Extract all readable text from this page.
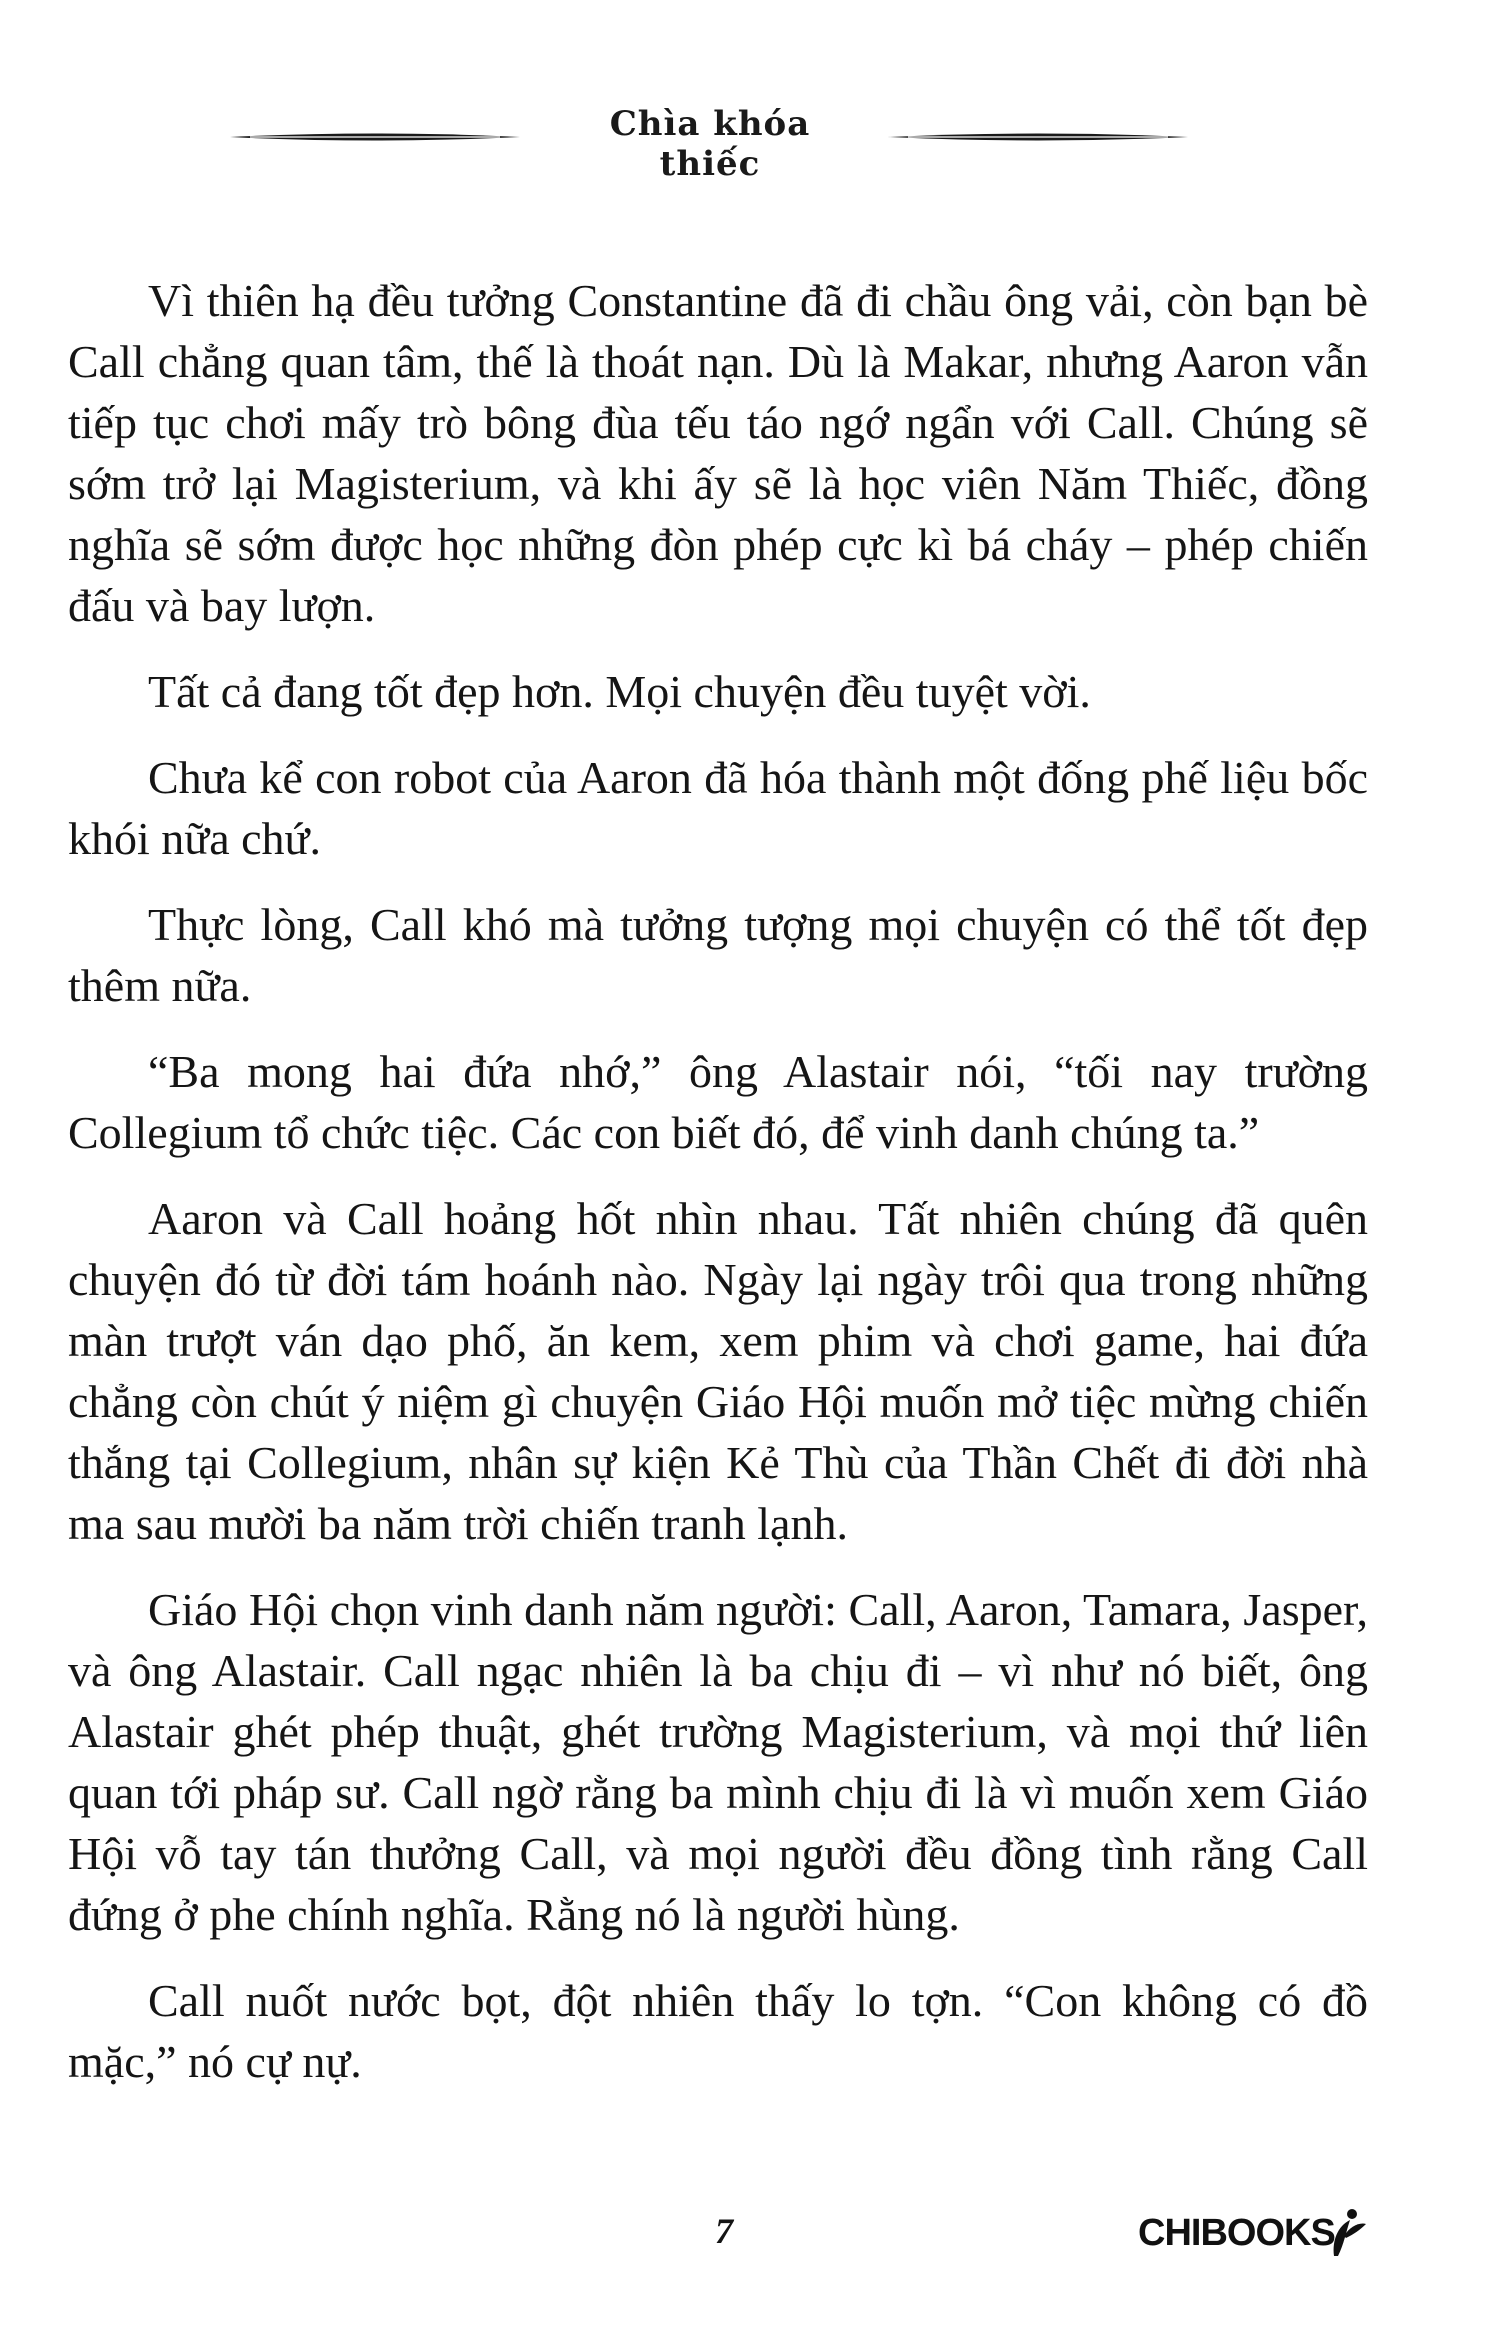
Chìa khóa thiếc

Vì thiên hạ đều tưởng Constantine đã đi chầu ông vải, còn bạn bè Call chẳng quan tâm, thế là thoát nạn. Dù là Makar, nhưng Aaron vẫn tiếp tục chơi mấy trò bông đùa tếu táo ngớ ngẩn với Call. Chúng sẽ sớm trở lại Magisterium, và khi ấy sẽ là học viên Năm Thiếc, đồng nghĩa sẽ sớm được học những đòn phép cực kì bá cháy – phép chiến đấu và bay lượn.

Tất cả đang tốt đẹp hơn. Mọi chuyện đều tuyệt vời.

Chưa kể con robot của Aaron đã hóa thành một đống phế liệu bốc khói nữa chứ.

Thực lòng, Call khó mà tưởng tượng mọi chuyện có thể tốt đẹp thêm nữa.

“Ba mong hai đứa nhớ,” ông Alastair nói, “tối nay trường Collegium tổ chức tiệc. Các con biết đó, để vinh danh chúng ta.”

Aaron và Call hoảng hốt nhìn nhau. Tất nhiên chúng đã quên chuyện đó từ đời tám hoánh nào. Ngày lại ngày trôi qua trong những màn trượt ván dạo phố, ăn kem, xem phim và chơi game, hai đứa chẳng còn chút ý niệm gì chuyện Giáo Hội muốn mở tiệc mừng chiến thắng tại Collegium, nhân sự kiện Kẻ Thù của Thần Chết đi đời nhà ma sau mười ba năm trời chiến tranh lạnh.

Giáo Hội chọn vinh danh năm người: Call, Aaron, Tamara, Jasper, và ông Alastair. Call ngạc nhiên là ba chịu đi – vì như nó biết, ông Alastair ghét phép thuật, ghét trường Magisterium, và mọi thứ liên quan tới pháp sư. Call ngờ rằng ba mình chịu đi là vì muốn xem Giáo Hội vỗ tay tán thưởng Call, và mọi người đều đồng tình rằng Call đứng ở phe chính nghĩa. Rằng nó là người hùng.

Call nuốt nước bọt, đột nhiên thấy lo tợn. “Con không có đồ mặc,” nó cự nự.

7	CHIBOOKS
